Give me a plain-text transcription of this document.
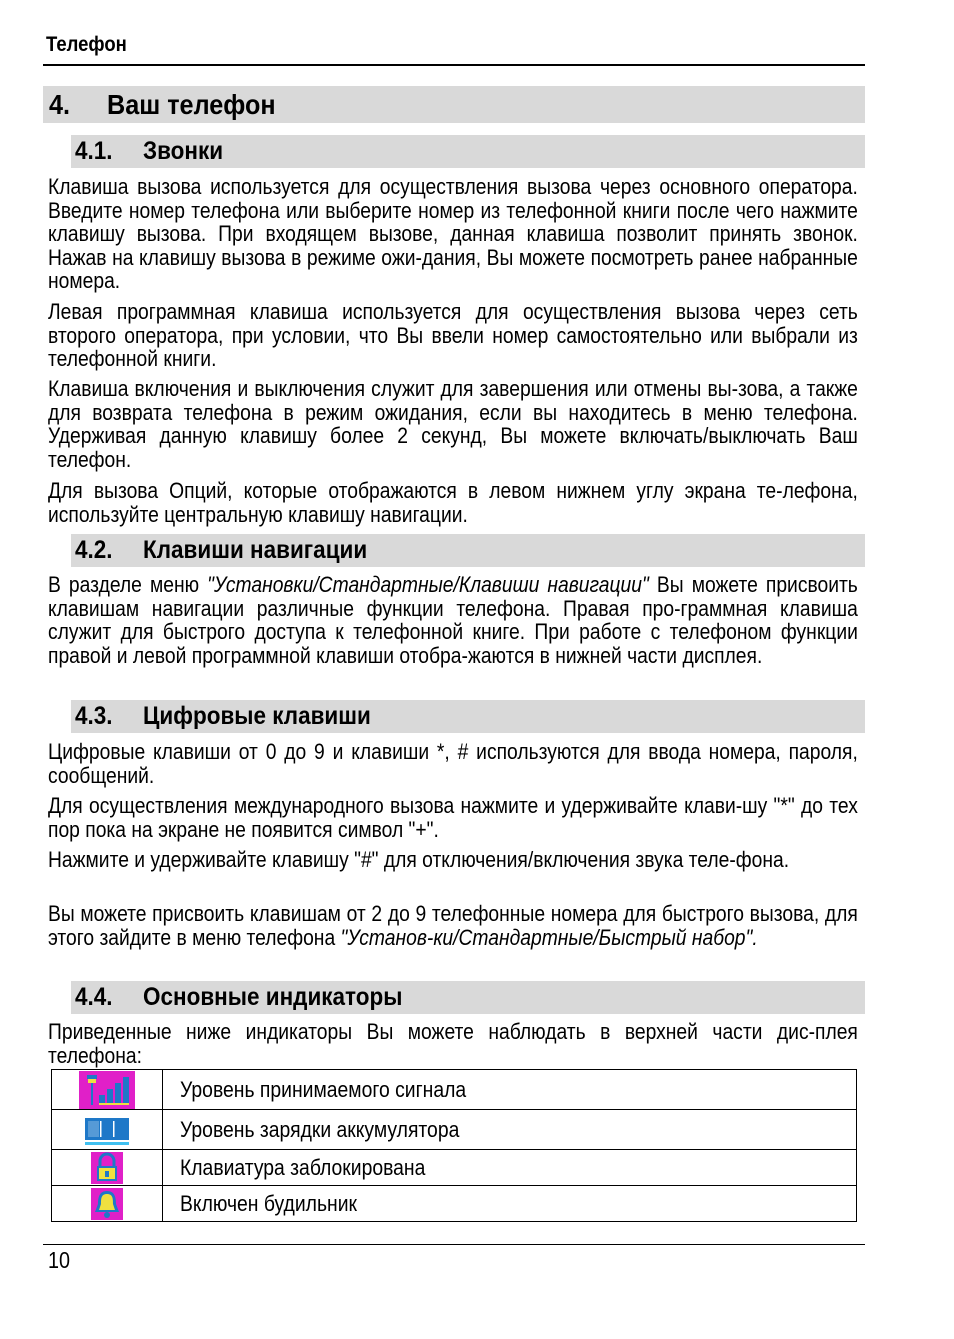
Телефон
4. Ваш телефон
4.1. Звонки

Клавиша вызова используется для осуществления вызова через основного оператора. Введите номер телефона или выберите номер из телефонной книги после чего нажмите клавишу вызова. При входящем вызове, данная клавиша позволит принять звонок. Нажав на клавишу вызова в режиме ожи-дания, Вы можете посмотреть ранее набранные номера.

Левая программная клавиша используется для осуществления вызова через сеть второго оператора, при условии, что Вы ввели номер самостоятельно или выбрали из телефонной книги.

Клавиша включения и выключения служит для завершения или отмены вы-зова, а также для возврата телефона в режим ожидания, если вы находитесь в меню телефона. Удерживая данную клавишу более 2 секунд, Вы можете включать/выключать Ваш телефон.

Для вызова Опций, которые отображаются в левом нижнем углу экрана те-лефона, используйте центральную клавишу навигации.

4.2. Клавиши навигации

В разделе меню "Установки/Стандартные/Клавиши навигации" Вы можете присвоить клавишам навигации различные функции телефона. Правая про-граммная клавиша служит для быстрого доступа к телефонной книге. При работе с телефоном функции правой и левой программной клавиши отобра-жаются в нижней части дисплея.

4.3. Цифровые клавиши

Цифровые клавиши от 0 до 9 и клавиши *, # используются для ввода номера, пароля, сообщений.

Для осуществления международного вызова нажмите и удерживайте клави-шу "*" до тех пор пока на экране не появится символ "+".

Нажмите и удерживайте клавишу "#" для отключения/включения звука теле-фона.

Вы можете присвоить клавишам от 2 до 9 телефонные номера для быстрого вызова, для этого зайдите в меню телефона "Установ-ки/Стандартные/Быстрый набор".

4.4. Основные индикаторы

Приведенные ниже индикаторы Вы можете наблюдать в верхней части дис-плея телефона:

	Уровень принимаемого сигнала

	Уровень зарядки аккумулятора

	Клавиатура заблокирована

	Включен будильник
10
